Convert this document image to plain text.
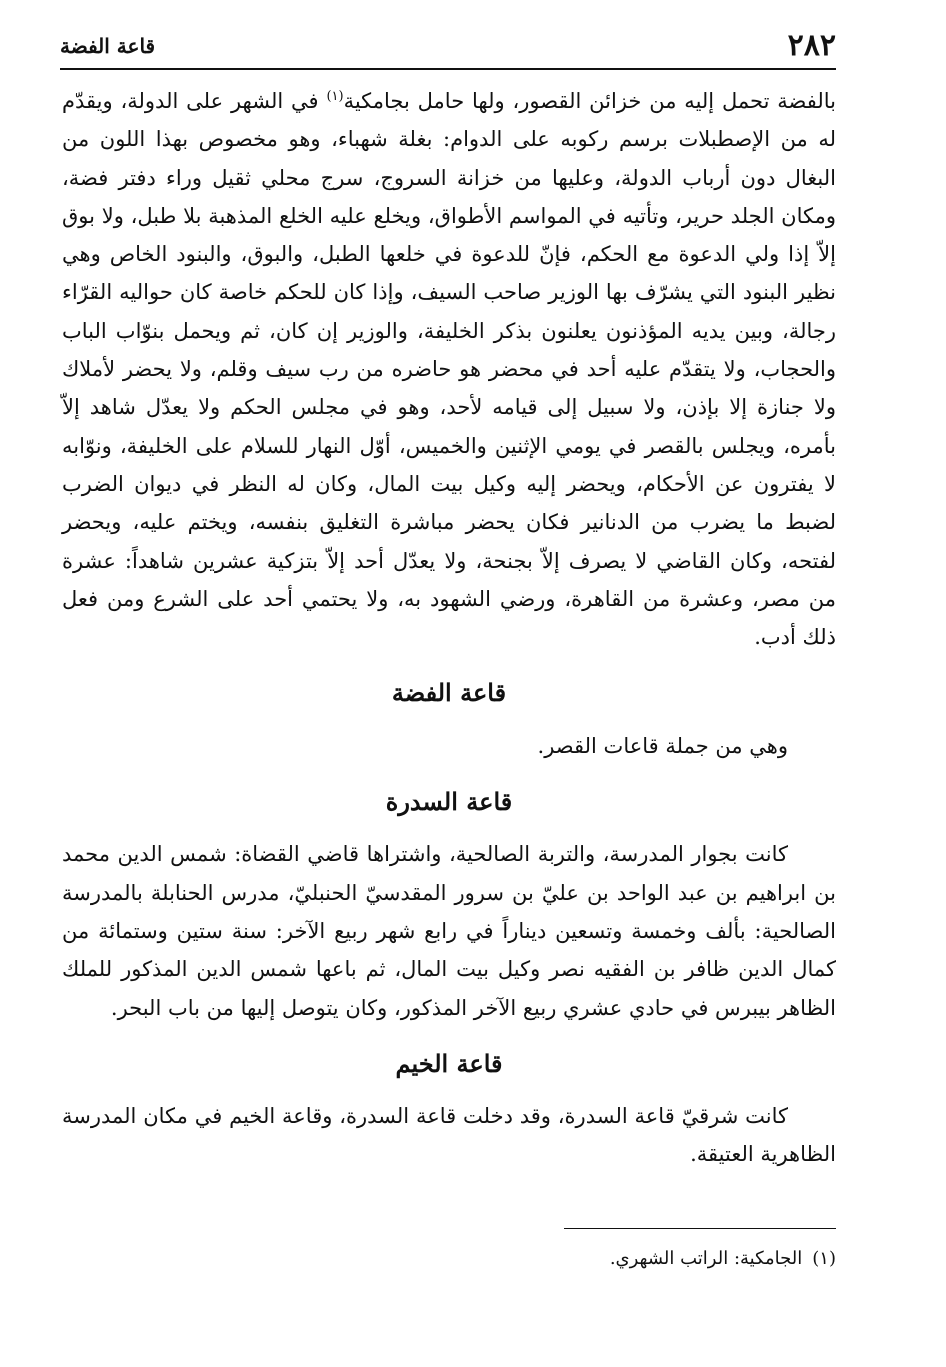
٢٨٢
قاعة الفضة

بالفضة تحمل إليه من خزائن القصور، ولها حامل بجامكية$^{(١)}$ في الشهر على الدولة، ويقدّم له من الإصطبلات برسم ركوبه على الدوام: بغلة شهباء، وهو مخصوص بهذا اللون من البغال دون أرباب الدولة، وعليها من خزانة السروج، سرج محلي ثقيل وراء دفتر فضة، ومكان الجلد حرير، وتأتيه في المواسم الأطواق، ويخلع عليه الخلع المذهبة بلا طبل، ولا بوق إلاّ إذا ولي الدعوة مع الحكم، فإنّ للدعوة في خلعها الطبل، والبوق، والبنود الخاص وهي نظير البنود التي يشرّف بها الوزير صاحب السيف، وإذا كان للحكم خاصة كان حواليه القرّاء رجالة، وبين يديه المؤذنون يعلنون بذكر الخليفة، والوزير إن كان، ثم ويحمل بنوّاب الباب والحجاب، ولا يتقدّم عليه أحد في محضر هو حاضره من رب سيف وقلم، ولا يحضر لأملاك ولا جنازة إلا بإذن، ولا سبيل إلى قيامه لأحد، وهو في مجلس الحكم ولا يعدّل شاهد إلاّ بأمره، ويجلس بالقصر في يومي الإثنين والخميس، أوّل النهار للسلام على الخليفة، ونوّابه لا يفترون عن الأحكام، ويحضر إليه وكيل بيت المال، وكان له النظر في ديوان الضرب لضبط ما يضرب من الدنانير فكان يحضر مباشرة التغليق بنفسه، ويختم عليه، ويحضر لفتحه، وكان القاضي لا يصرف إلاّ بجنحة، ولا يعدّل أحد إلاّ بتزكية عشرين شاهداً: عشرة من مصر، وعشرة من القاهرة، ورضي الشهود به، ولا يحتمي أحد على الشرع ومن فعل ذلك أدب.

قاعة الفضة

وهي من جملة قاعات القصر.

قاعة السدرة

كانت بجوار المدرسة، والتربة الصالحية، واشتراها قاضي القضاة: شمس الدين محمد بن ابراهيم بن عبد الواحد بن عليّ بن سرور المقدسيّ الحنبليّ، مدرس الحنابلة بالمدرسة الصالحية: بألف وخمسة وتسعين ديناراً في رابع شهر ربيع الآخر: سنة ستين وستمائة من كمال الدين ظافر بن الفقيه نصر وكيل بيت المال، ثم باعها شمس الدين المذكور للملك الظاهر بيبرس في حادي عشري ربيع الآخر المذكور، وكان يتوصل إليها من باب البحر.

قاعة الخيم

كانت شرقيّ قاعة السدرة، وقد دخلت قاعة السدرة، وقاعة الخيم في مكان المدرسة الظاهرية العتيقة.

(١)الجامكية: الراتب الشهري.
